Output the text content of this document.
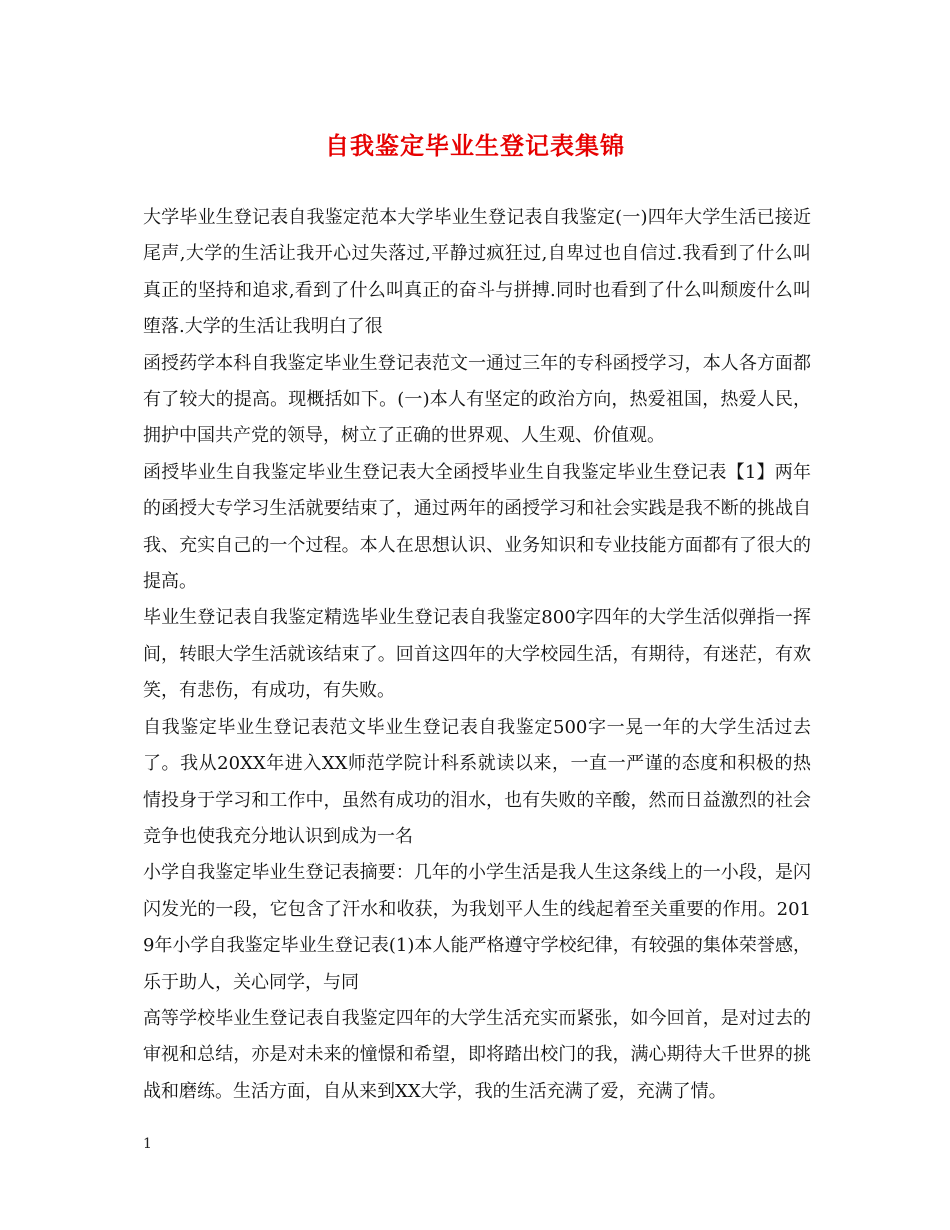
自我鉴定毕业生登记表集锦

大学毕业生登记表自我鉴定范本大学毕业生登记表自我鉴定(一)四年大学生活已接近尾声,大学的生活让我开心过失落过,平静过疯狂过,自卑过也自信过.我看到了什么叫真正的坚持和追求,看到了什么叫真正的奋斗与拼搏.同时也看到了什么叫颓废什么叫堕落.大学的生活让我明白了很

函授药学本科自我鉴定毕业生登记表范文一通过三年的专科函授学习，本人各方面都有了较大的提高。现概括如下。(一)本人有坚定的政治方向，热爱祖国，热爱人民，拥护中国共产党的领导，树立了正确的世界观、人生观、价值观。

函授毕业生自我鉴定毕业生登记表大全函授毕业生自我鉴定毕业生登记表【1】两年的函授大专学习生活就要结束了，通过两年的函授学习和社会实践是我不断的挑战自我、充实自己的一个过程。本人在思想认识、业务知识和专业技能方面都有了很大的提高。

毕业生登记表自我鉴定精选毕业生登记表自我鉴定800字四年的大学生活似弹指一挥间，转眼大学生活就该结束了。回首这四年的大学校园生活，有期待，有迷茫，有欢笑，有悲伤，有成功，有失败。

自我鉴定毕业生登记表范文毕业生登记表自我鉴定500字一晃一年的大学生活过去了。我从20XX年进入XX师范学院计科系就读以来，一直一严谨的态度和积极的热情投身于学习和工作中，虽然有成功的泪水，也有失败的辛酸，然而日益激烈的社会竞争也使我充分地认识到成为一名

小学自我鉴定毕业生登记表摘要：几年的小学生活是我人生这条线上的一小段，是闪闪发光的一段，它包含了汗水和收获，为我划平人生的线起着至关重要的作用。2019年小学自我鉴定毕业生登记表(1)本人能严格遵守学校纪律，有较强的集体荣誉感，乐于助人，关心同学，与同

高等学校毕业生登记表自我鉴定四年的大学生活充实而紧张，如今回首，是对过去的审视和总结，亦是对未来的憧憬和希望，即将踏出校门的我，满心期待大千世界的挑战和磨练。生活方面，自从来到XX大学，我的生活充满了爱，充满了情。

1
